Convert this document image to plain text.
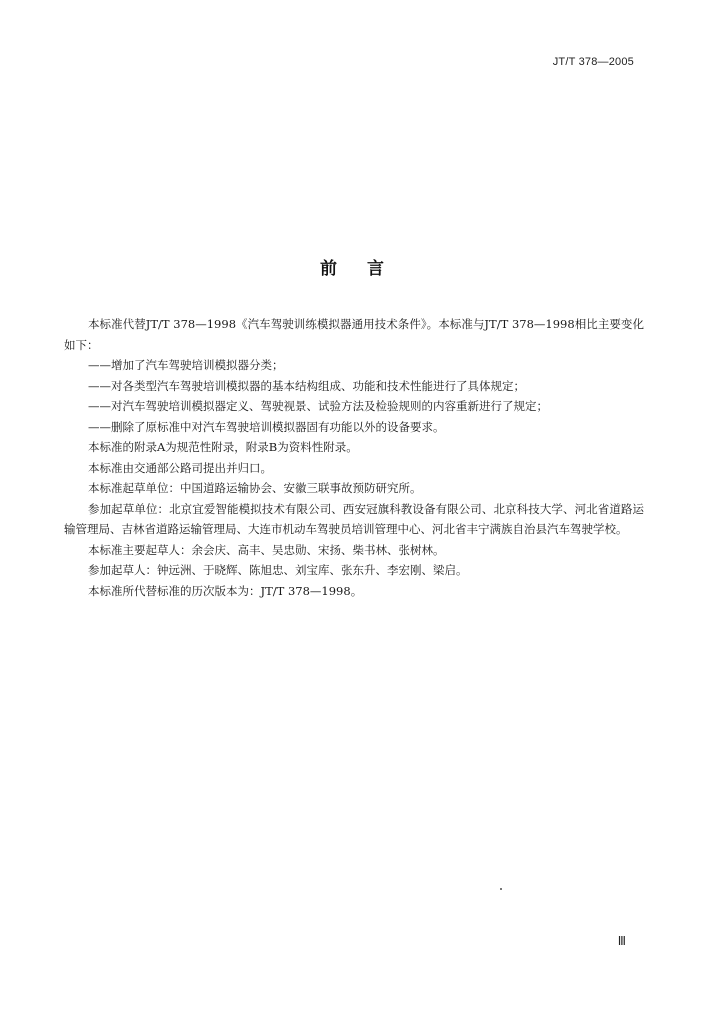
JT/T 378—2005
前言

本标准代替JT/T 378—1998《汽车驾驶训练模拟器通用技术条件》。本标准与JT/T 378—1998相比主要变化如下：

——增加了汽车驾驶培训模拟器分类；

——对各类型汽车驾驶培训模拟器的基本结构组成、功能和技术性能进行了具体规定；

——对汽车驾驶培训模拟器定义、驾驶视景、试验方法及检验规则的内容重新进行了规定；

——删除了原标准中对汽车驾驶培训模拟器固有功能以外的设备要求。

本标准的附录A为规范性附录，附录B为资料性附录。

本标准由交通部公路司提出并归口。

本标准起草单位：中国道路运输协会、安徽三联事故预防研究所。

参加起草单位：北京宜爱智能模拟技术有限公司、西安冠旗科教设备有限公司、北京科技大学、河北省道路运输管理局、吉林省道路运输管理局、大连市机动车驾驶员培训管理中心、河北省丰宁满族自治县汽车驾驶学校。

本标准主要起草人：余会庆、高丰、吴忠勋、宋扬、柴书林、张树林。

参加起草人：钟远洲、于晓辉、陈旭忠、刘宝库、张东升、李宏刚、梁启。

本标准所代替标准的历次版本为：JT/T 378—1998。

Ⅲ
